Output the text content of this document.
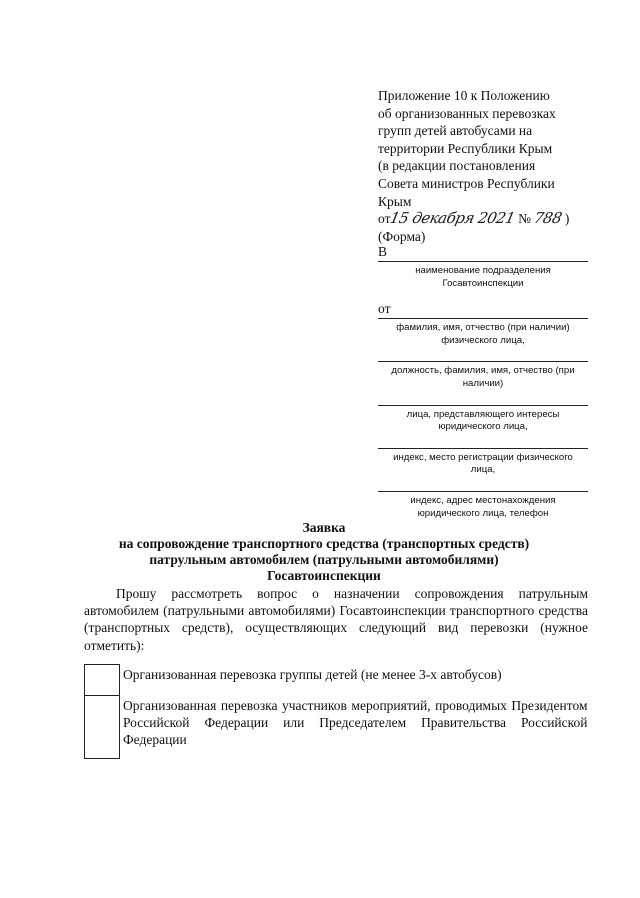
Приложение 10 к Положению

об организованных перевозках

групп детей автобусами на

территории Республики Крым

(в редакции постановления

Совета министров Республики

Крым

от15 декабря 2021 № 788 )

(Форма)

В
наименование подразделения Госавтоинспекции
от
фамилия, имя, отчество (при наличии) физического лица,
должность, фамилия, имя, отчество (при наличии)
лица, представляющего интересы юридического лица,
индекс, место регистрации физического лица,
индекс, адрес местонахождения юридического лица, телефон

Заявка

на сопровождение транспортного средства (транспортных средств)

патрульным автомобилем (патрульными автомобилями)

Госавтоинспекции

Прошу рассмотреть вопрос о назначении сопровождения патрульным автомобилем (патрульными автомобилями) Госавтоинспекции транспортного средства (транспортных средств), осуществляющих следующий вид перевозки (нужное отметить):

	Организованная перевозка группы детей (не менее 3-х автобусов)
	Организованная перевозка участников мероприятий, проводимых Президентом Российской Федерации или Председателем Правительства Российской Федерации
